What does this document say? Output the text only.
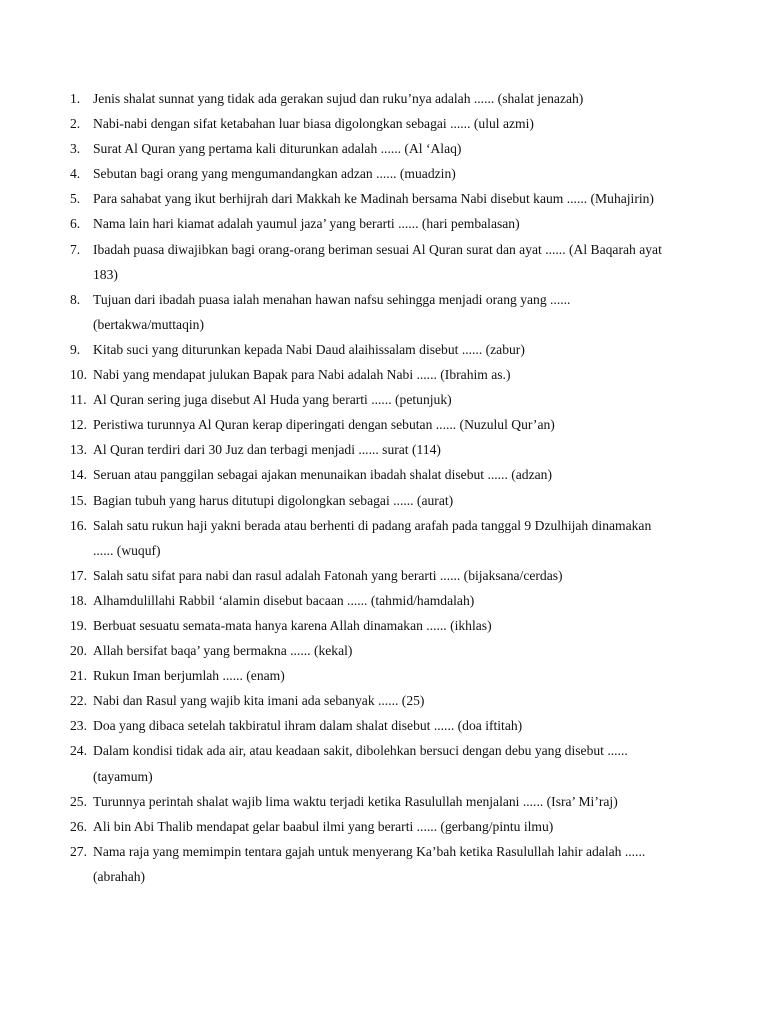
1. Jenis shalat sunnat yang tidak ada gerakan sujud dan ruku’nya adalah ...... (shalat jenazah)
2. Nabi-nabi dengan sifat ketabahan luar biasa digolongkan sebagai ...... (ulul azmi)
3. Surat Al Quran yang pertama kali diturunkan adalah ...... (Al ‘Alaq)
4. Sebutan bagi orang yang mengumandangkan adzan ...... (muadzin)
5. Para sahabat yang ikut berhijrah dari Makkah ke Madinah bersama Nabi disebut kaum ...... (Muhajirin)
6. Nama lain hari kiamat adalah yaumul jaza’ yang berarti ...... (hari pembalasan)
7. Ibadah puasa diwajibkan bagi orang-orang beriman sesuai Al Quran surat dan ayat ...... (Al Baqarah ayat 183)
8. Tujuan dari ibadah puasa ialah menahan hawan nafsu sehingga menjadi orang yang ...... (bertakwa/muttaqin)
9. Kitab suci yang diturunkan kepada Nabi Daud alaihissalam disebut ...... (zabur)
10. Nabi yang mendapat julukan Bapak para Nabi adalah Nabi ...... (Ibrahim as.)
11. Al Quran sering juga disebut Al Huda yang berarti ...... (petunjuk)
12. Peristiwa turunnya Al Quran kerap diperingati dengan sebutan ...... (Nuzulul Qur’an)
13. Al Quran terdiri dari 30 Juz dan terbagi menjadi ...... surat (114)
14. Seruan atau panggilan sebagai ajakan menunaikan ibadah shalat disebut ...... (adzan)
15. Bagian tubuh yang harus ditutupi digolongkan sebagai ...... (aurat)
16. Salah satu rukun haji yakni berada atau berhenti di padang arafah pada tanggal 9 Dzulhijah dinamakan ...... (wuquf)
17. Salah satu sifat para nabi dan rasul adalah Fatonah yang berarti ...... (bijaksana/cerdas)
18. Alhamdulillahi Rabbil ‘alamin disebut bacaan ...... (tahmid/hamdalah)
19. Berbuat sesuatu semata-mata hanya karena Allah dinamakan ...... (ikhlas)
20. Allah bersifat baqa’ yang bermakna ...... (kekal)
21. Rukun Iman berjumlah ...... (enam)
22. Nabi dan Rasul yang wajib kita imani ada sebanyak ...... (25)
23. Doa yang dibaca setelah takbiratul ihram dalam shalat disebut ...... (doa iftitah)
24. Dalam kondisi tidak ada air, atau keadaan sakit, dibolehkan bersuci dengan debu yang disebut ...... (tayamum)
25. Turunnya perintah shalat wajib lima waktu terjadi ketika Rasulullah menjalani ...... (Isra’ Mi’raj)
26. Ali bin Abi Thalib mendapat gelar baabul ilmi yang berarti ...... (gerbang/pintu ilmu)
27. Nama raja yang memimpin tentara gajah untuk menyerang Ka’bah ketika Rasulullah lahir adalah ...... (abrahah)
